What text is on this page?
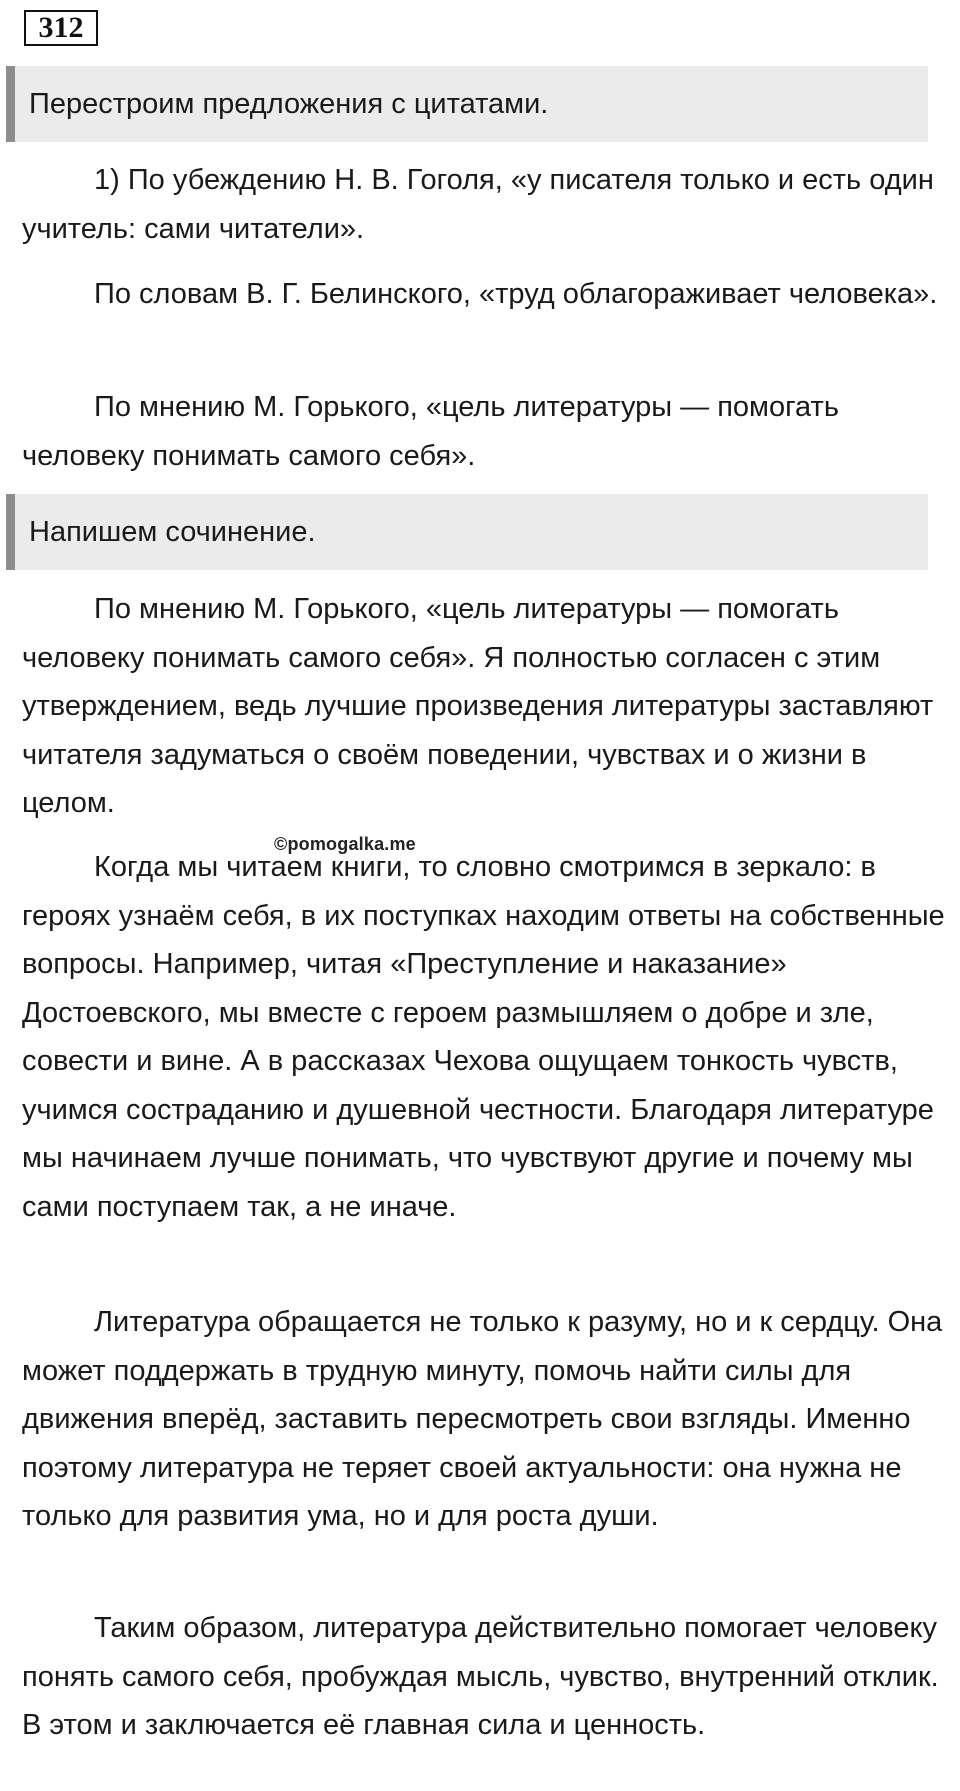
312
Перестроим предложения с цитатами.

1) По убеждению Н. В. Гоголя, «у писателя только и есть один учитель: сами читатели».

По словам В. Г. Белинского, «труд облагораживает человека».

По мнению М. Горького, «цель литературы — помогать человеку понимать самого себя».

Напишем сочинение.

По мнению М. Горького, «цель литературы — помогать человеку понимать самого себя». Я полностью согласен с этим утверждением, ведь лучшие произведения литературы заставляют читателя задуматься о своём поведении, чувствах и о жизни в целом.

Когда мы читаем книги, то словно смотримся в зеркало: в героях узнаём себя, в их поступках находим ответы на собственные вопросы. Например, читая «Преступление и наказание» Достоевского, мы вместе с героем размышляем о добре и зле, совести и вине. А в рассказах Чехова ощущаем тонкость чувств, учимся состраданию и душевной честности. Благодаря литературе мы начинаем лучше понимать, что чувствуют другие и почему мы сами поступаем так, а не иначе.

Литература обращается не только к разуму, но и к сердцу. Она может поддержать в трудную минуту, помочь найти силы для движения вперёд, заставить пересмотреть свои взгляды. Именно поэтому литература не теряет своей актуальности: она нужна не только для развития ума, но и для роста души.

Таким образом, литература действительно помогает человеку понять самого себя, пробуждая мысль, чувство, внутренний отклик. В этом и заключается её главная сила и ценность.

©pomogalka.me
